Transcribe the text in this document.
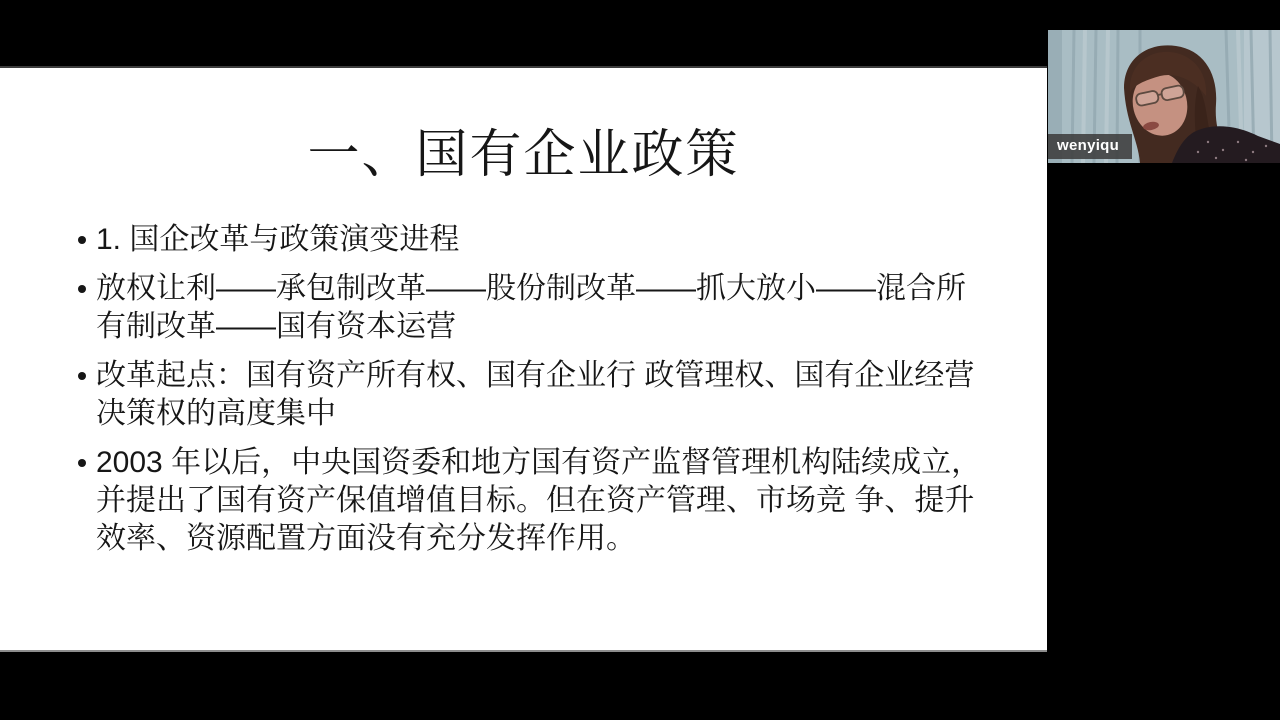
一、国有企业政策
1. 国企改革与政策演变进程
放权让利——承包制改革——股份制改革——抓大放小——混合所有制改革——国有资本运营
改革起点：国有资产所有权、国有企业行 政管理权、国有企业经营决策权的高度集中
2003 年以后，中央国资委和地方国有资产监督管理机构陆续成立，并提出了国有资产保值增值目标。但在资产管理、市场竞 争、提升效率、资源配置方面没有充分发挥作用。
wenyiqu
